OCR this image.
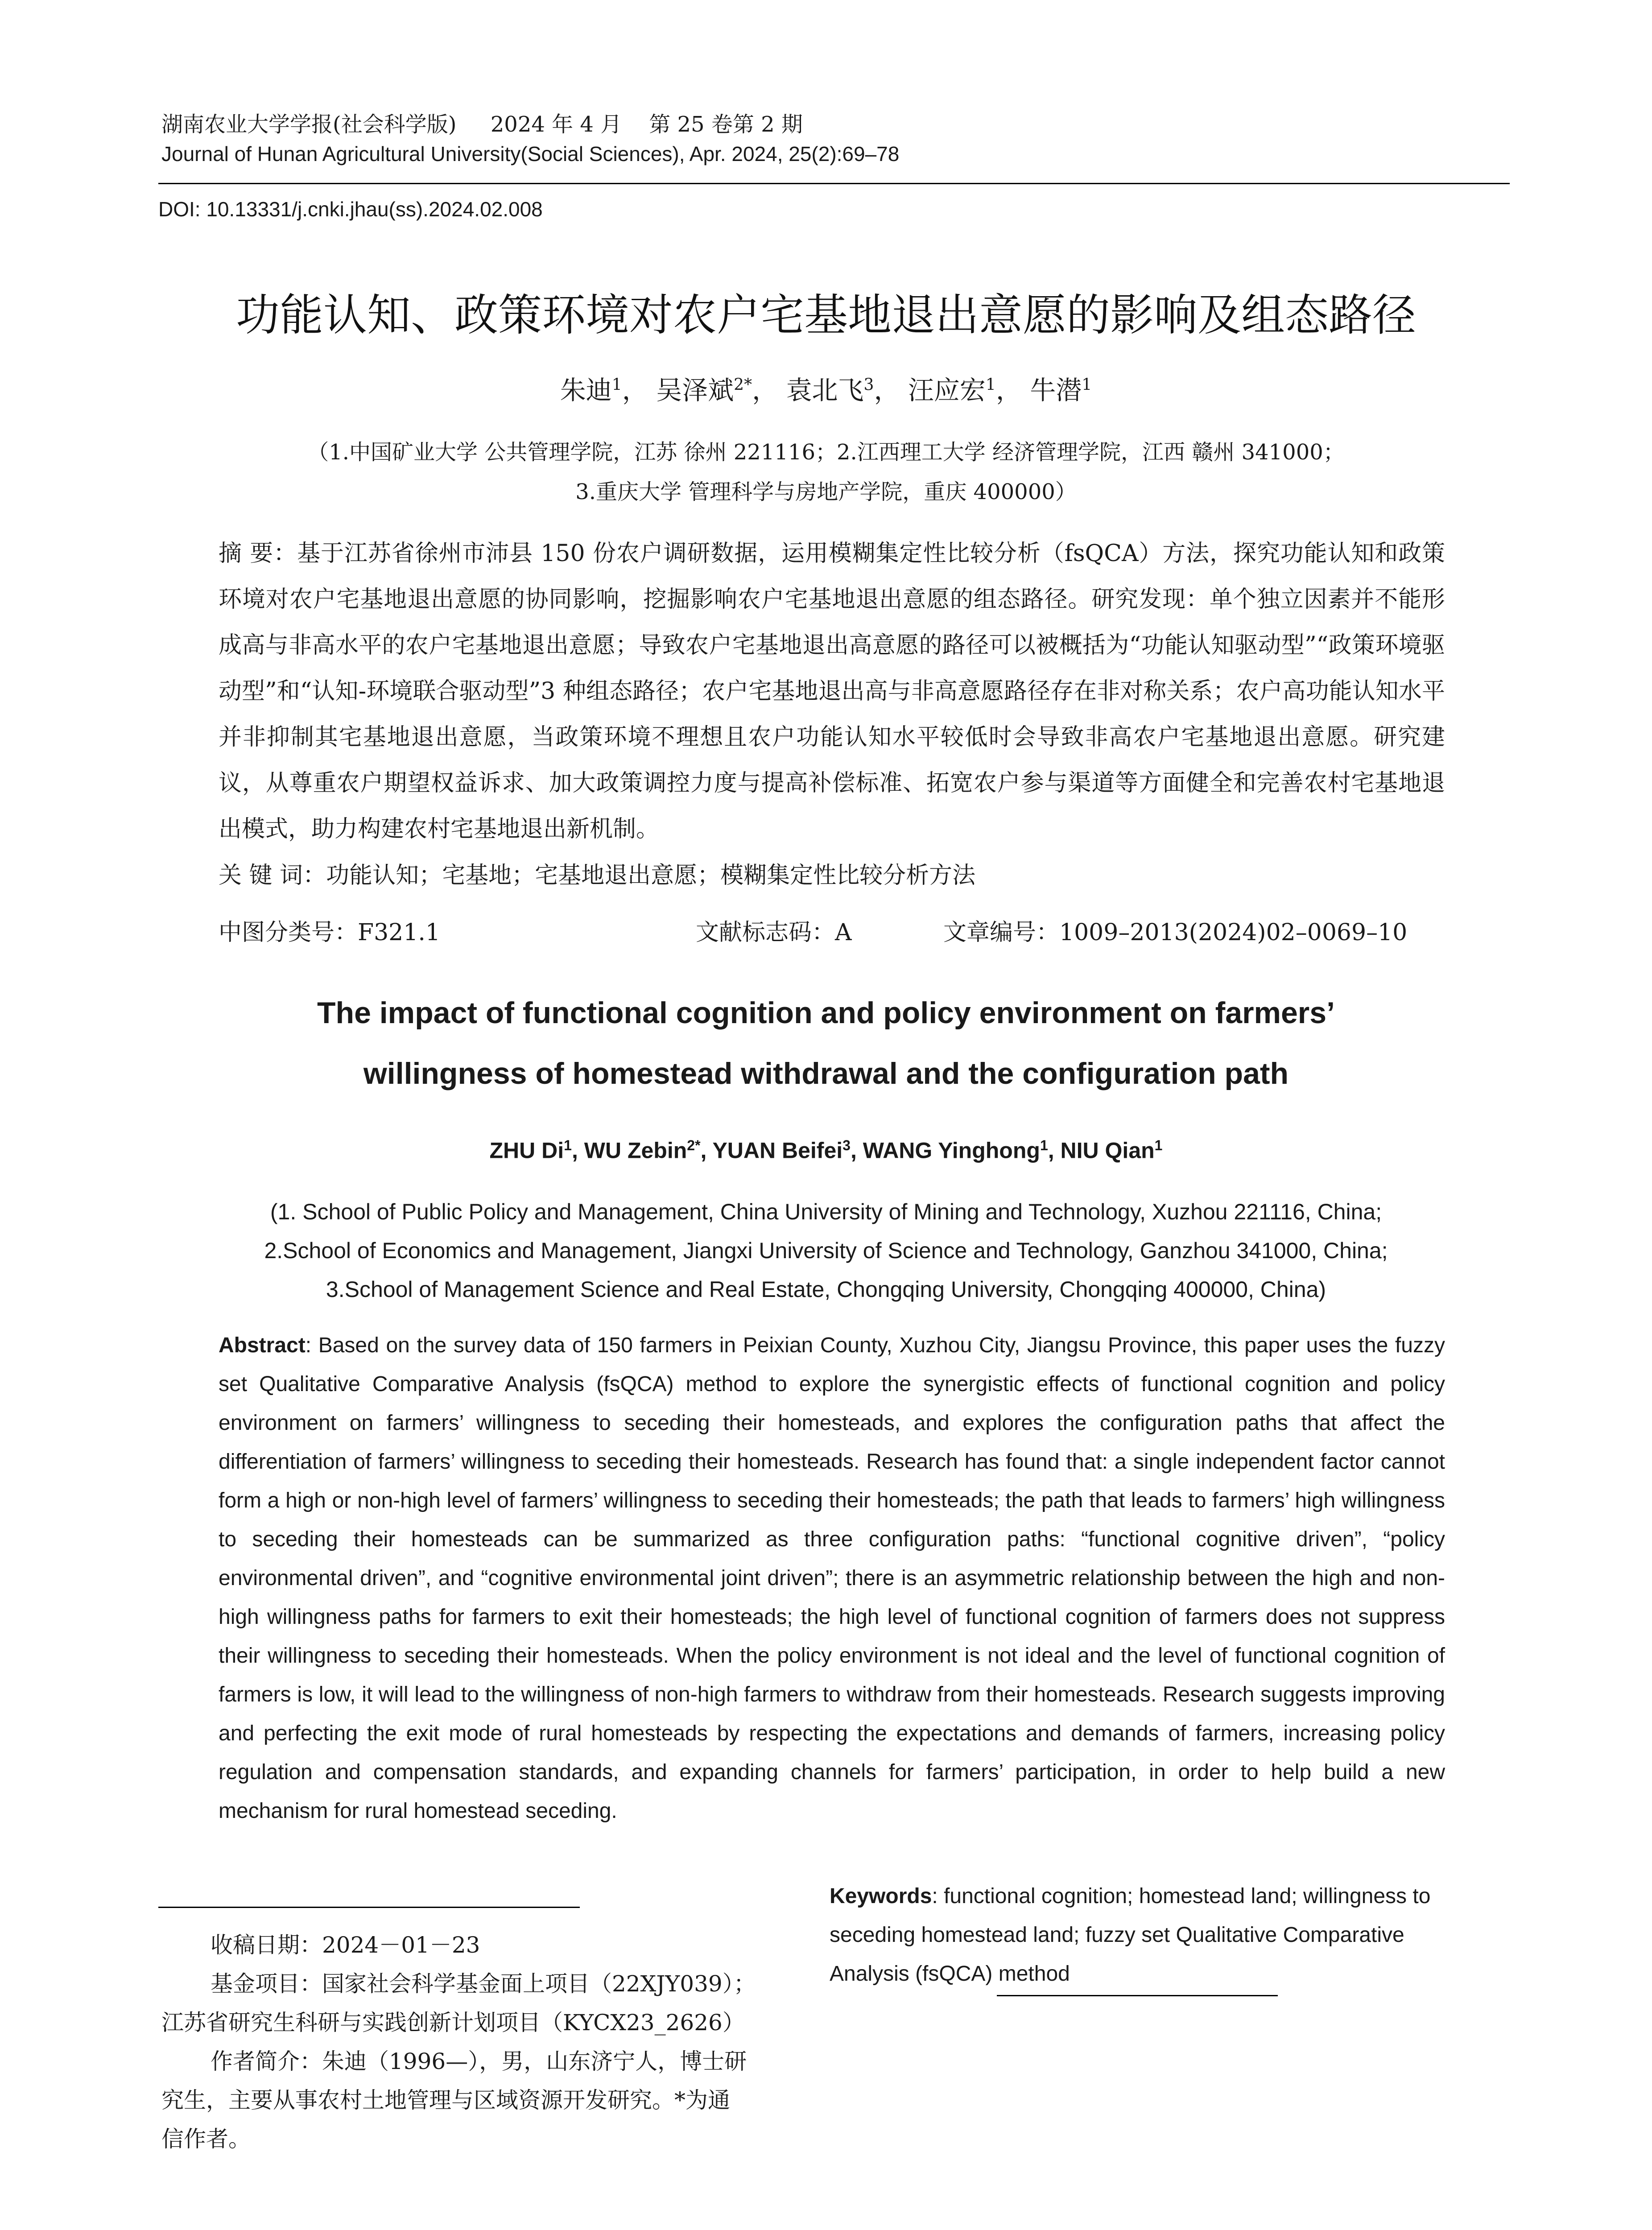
湖南农业大学学报(社会科学版)     2024 年 4 月    第 25 卷第 2 期
Journal of Hunan Agricultural University(Social Sciences), Apr. 2024, 25(2):69–78
DOI: 10.13331/j.cnki.jhau(ss).2024.02.008
功能认知、政策环境对农户宅基地退出意愿的影响及组态路径
朱迪$^1$， 吴泽斌$^{2*}$， 袁北飞$^3$， 汪应宏$^1$， 牛潜$^1$
（1.中国矿业大学 公共管理学院，江苏 徐州 221116；2.江西理工大学 经济管理学院，江西 赣州 341000；
3.重庆大学 管理科学与房地产学院，重庆 400000）
摘 要：基于江苏省徐州市沛县 150 份农户调研数据，运用模糊集定性比较分析（fsQCA）方法，探究功能认知和政策环境对农户宅基地退出意愿的协同影响，挖掘影响农户宅基地退出意愿的组态路径。研究发现：单个独立因素并不能形成高与非高水平的农户宅基地退出意愿；导致农户宅基地退出高意愿的路径可以被概括为“功能认知驱动型”“政策环境驱动型”和“认知-环境联合驱动型”3 种组态路径；农户宅基地退出高与非高意愿路径存在非对称关系；农户高功能认知水平并非抑制其宅基地退出意愿，当政策环境不理想且农户功能认知水平较低时会导致非高农户宅基地退出意愿。研究建议，从尊重农户期望权益诉求、加大政策调控力度与提高补偿标准、拓宽农户参与渠道等方面健全和完善农村宅基地退出模式，助力构建农村宅基地退出新机制。
关 键 词：功能认知；宅基地；宅基地退出意愿；模糊集定性比较分析方法
中图分类号：F321.1	文献标志码：A	文章编号：1009–2013(2024)02–0069–10
The impact of functional cognition and policy environment on farmers’
willingness of homestead withdrawal and the configuration path
ZHU Di$^1$, WU Zebin$^{2*}$, YUAN Beifei$^3$, WANG Yinghong$^1$, NIU Qian$^1$
(1. School of Public Policy and Management, China University of Mining and Technology, Xuzhou 221116, China;
2.School of Economics and Management, Jiangxi University of Science and Technology, Ganzhou 341000, China;
3.School of Management Science and Real Estate, Chongqing University, Chongqing 400000, China)
Abstract: Based on the survey data of 150 farmers in Peixian County, Xuzhou City, Jiangsu Province, this paper uses the fuzzy set Qualitative Comparative Analysis (fsQCA) method to explore the synergistic effects of functional cognition and policy environment on farmers’ willingness to seceding their homesteads, and explores the configuration paths that affect the differentiation of farmers’ willingness to seceding their homesteads. Research has found that: a single independent factor cannot form a high or non-high level of farmers’ willingness to seceding their homesteads; the path that leads to farmers’ high willingness to seceding their homesteads can be summarized as three configuration paths: “functional cognitive driven”, “policy environmental driven”, and “cognitive environmental joint driven”; there is an asymmetric relationship between the high and non-high willingness paths for farmers to exit their homesteads; the high level of functional cognition of farmers does not suppress their willingness to seceding their homesteads. When the policy environment is not ideal and the level of functional cognition of farmers is low, it will lead to the willingness of non-high farmers to withdraw from their homesteads. Research suggests improving and perfecting the exit mode of rural homesteads by respecting the expectations and demands of farmers, increasing policy regulation and compensation standards, and expanding channels for farmers’ participation, in order to help build a new mechanism for rural homestead seceding.
收稿日期：2024－01－23
基金项目：国家社会科学基金面上项目（22XJY039）；
江苏省研究生科研与实践创新计划项目（KYCX23_2626）
作者简介：朱迪（1996—），男，山东济宁人，博士研
究生，主要从事农村土地管理与区域资源开发研究。*为通
信作者。
Keywords: functional cognition; homestead land; willingness to seceding homestead land; fuzzy set Qualitative Comparative Analysis (fsQCA) method
